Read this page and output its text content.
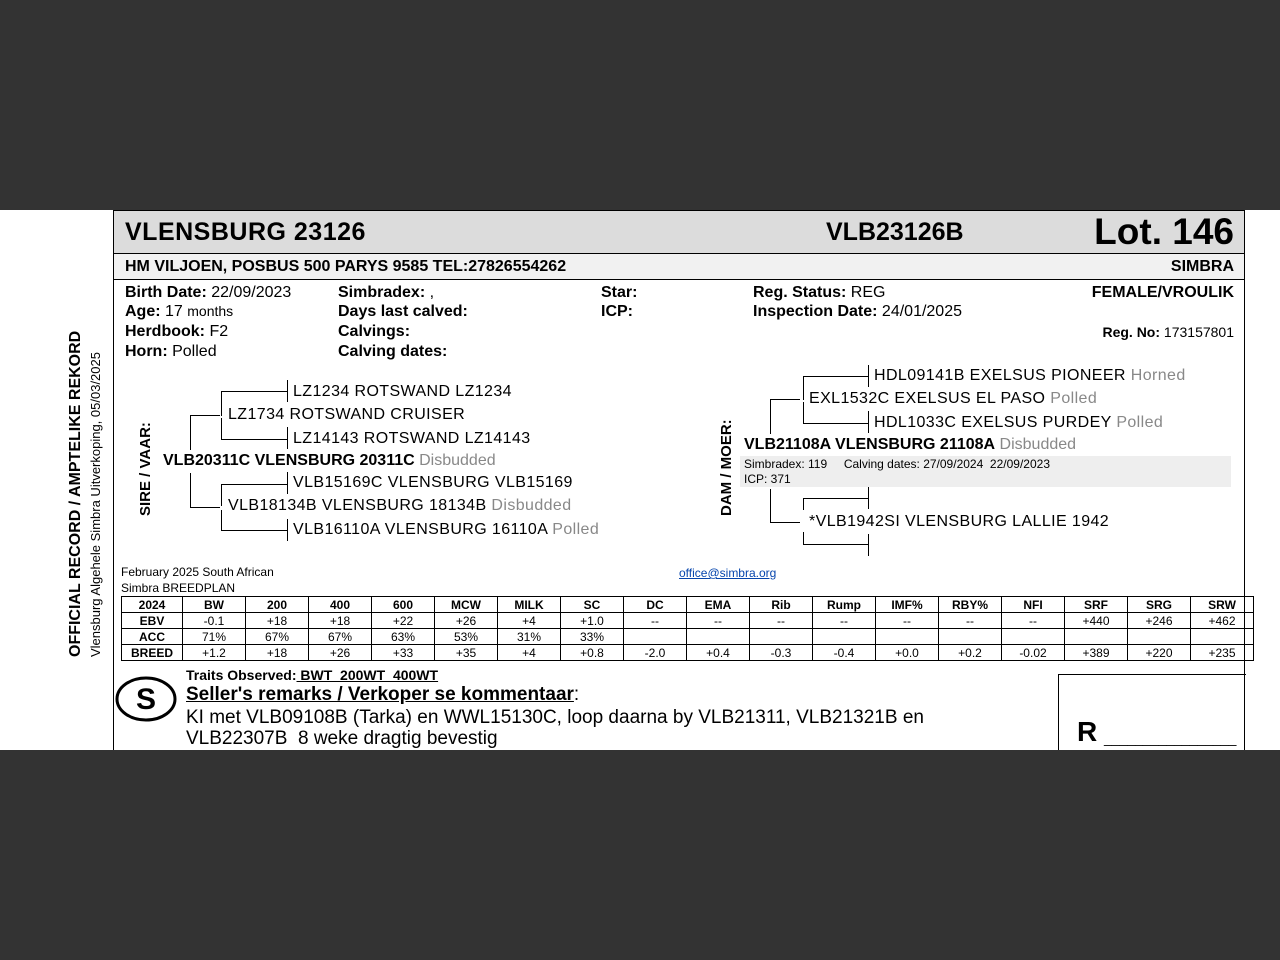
VLENSBURG 23126	VLB23126B	Lot. 146
HM VILJOEN, POSBUS 500 PARYS 9585 TEL:27826554262	SIMBRA
OFFICIAL RECORD / AMPTELIKE REKORD Vlensburg Algehele Simbra Uitverkoping, 05/03/2025
Birth Date: 22/09/2023
Age: 17 months
Herdbook: F2
Horn: Polled
Simbradex: ,
Days last calved:
Calvings:
Calving dates:
Star:
ICP:
Reg. Status: REG
Inspection Date: 24/01/2025
FEMALE/VROULIK
Reg. No: 173157801
SIRE / VAAR:
LZ1234 ROTSWAND LZ1234
LZ1734 ROTSWAND CRUISER
LZ14143 ROTSWAND LZ14143
VLB20311C VLENSBURG 20311C Disbudded
VLB15169C VLENSBURG VLB15169
VLB18134B VLENSBURG 18134B Disbudded
VLB16110A VLENSBURG 16110A Polled
DAM / MOER:
HDL09141B EXELSUS PIONEER Horned
EXL1532C EXELSUS EL PASO Polled
HDL1033C EXELSUS PURDEY Polled
VLB21108A VLENSBURG 21108A Disbudded
Simbradex: 119     Calving dates: 27/09/2024  22/09/2023
ICP: 371
*VLB1942SI VLENSBURG LALLIE 1942
February 2025 South African
Simbra BREEDPLAN
office@simbra.org
2024	BW	200	400	600	MCW	MILK	SC	DC	EMA	Rib	Rump	IMF%	RBY%	NFI	SRF	SRG	SRW
EBV	-0.1	+18	+18	+22	+26	+4	+1.0	--	--	--	--	--	--	--	+440	+246	+462
ACC	71%	67%	67%	63%	53%	31%	33%										
BREED	+1.2	+18	+26	+33	+35	+4	+0.8	-2.0	+0.4	-0.3	-0.4	+0.0	+0.2	-0.02	+389	+220	+235
S
Traits Observed: BWT  200WT  400WT
Seller's remarks / Verkoper se kommentaar:
KI met VLB09108B (Tarka) en WWL15130C, loop daarna by VLB21311, VLB21321B en
VLB22307B  8 weke dragtig bevestig	R _________________
